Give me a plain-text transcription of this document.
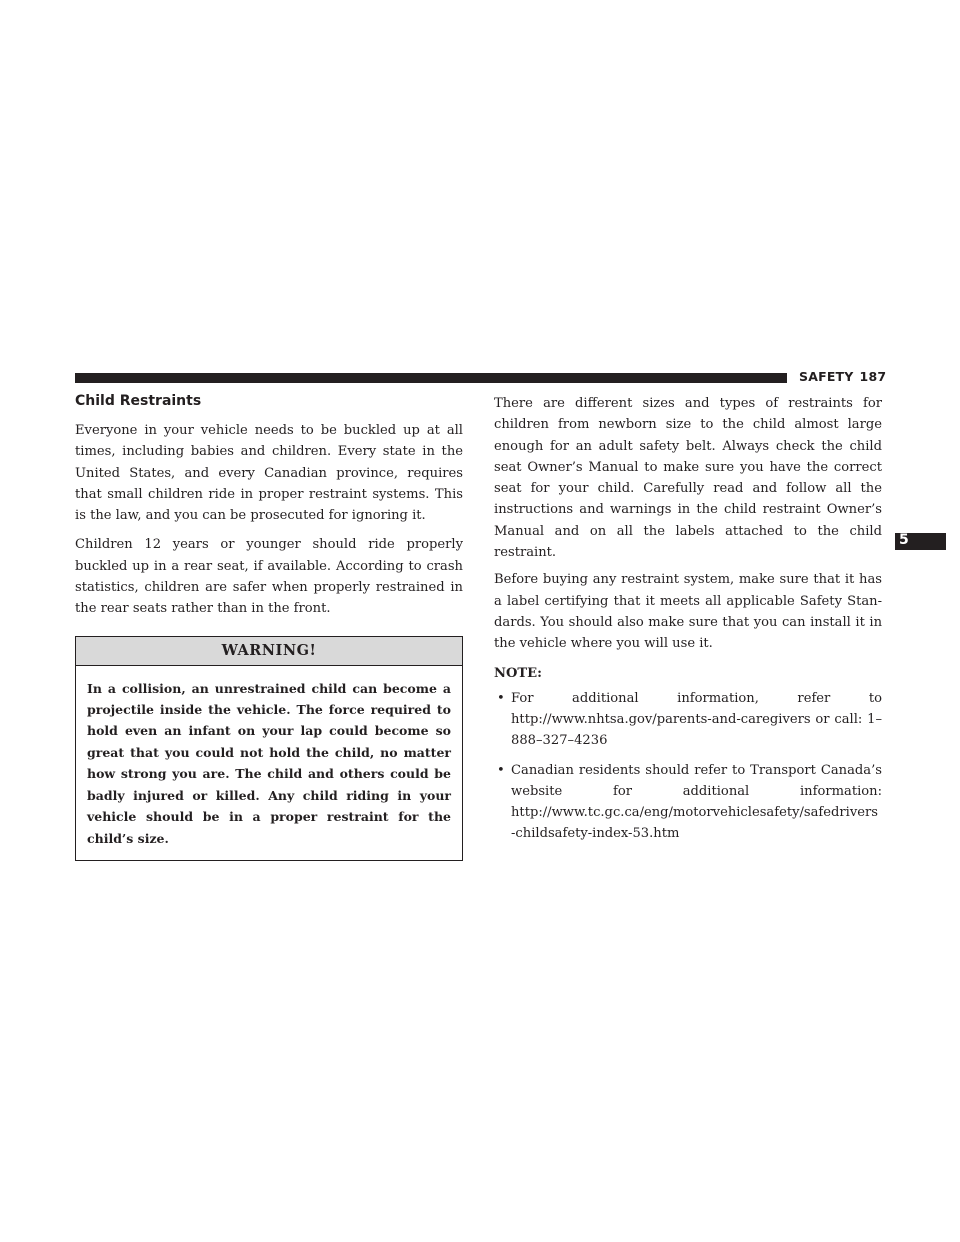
SAFETY 187
5
Child Restraints

Everyone in your vehicle needs to be buckled up at all times, including babies and children. Every state in the United States, and every Canadian province, requires that small children ride in proper restraint systems. This is the law, and you can be prosecuted for ignoring it.

Children 12 years or younger should ride properly buckled up in a rear seat, if available. According to crash statistics, children are safer when properly restrained in the rear seats rather than in the front.

WARNING!
In a collision, an unrestrained child can become a projectile inside the vehicle. The force required to hold even an infant on your lap could become so great that you could not hold the child, no matter how strong you are. The child and others could be badly injured or killed. Any child riding in your vehicle should be in a proper restraint for the child’s size.

There are different sizes and types of restraints for children from newborn size to the child almost large enough for an adult safety belt. Always check the child seat Owner’s Manual to make sure you have the correct seat for your child. Carefully read and follow all the instructions and warnings in the child restraint Owner’s Manual and on all the labels attached to the child restraint.

Before buying any restraint system, make sure that it has a label certifying that it meets all applicable Safety Stan-dards. You should also make sure that you can install it in the vehicle where you will use it.

NOTE:
• For additional information, refer to http://www.nhtsa.gov/parents-and-caregivers or call: 1–888–327–4236
• Canadian residents should refer to Transport Canada’s website for additional information: http://www.tc.gc.ca/eng/motorvehiclesafety/safedrivers-childsafety-index-53.htm
